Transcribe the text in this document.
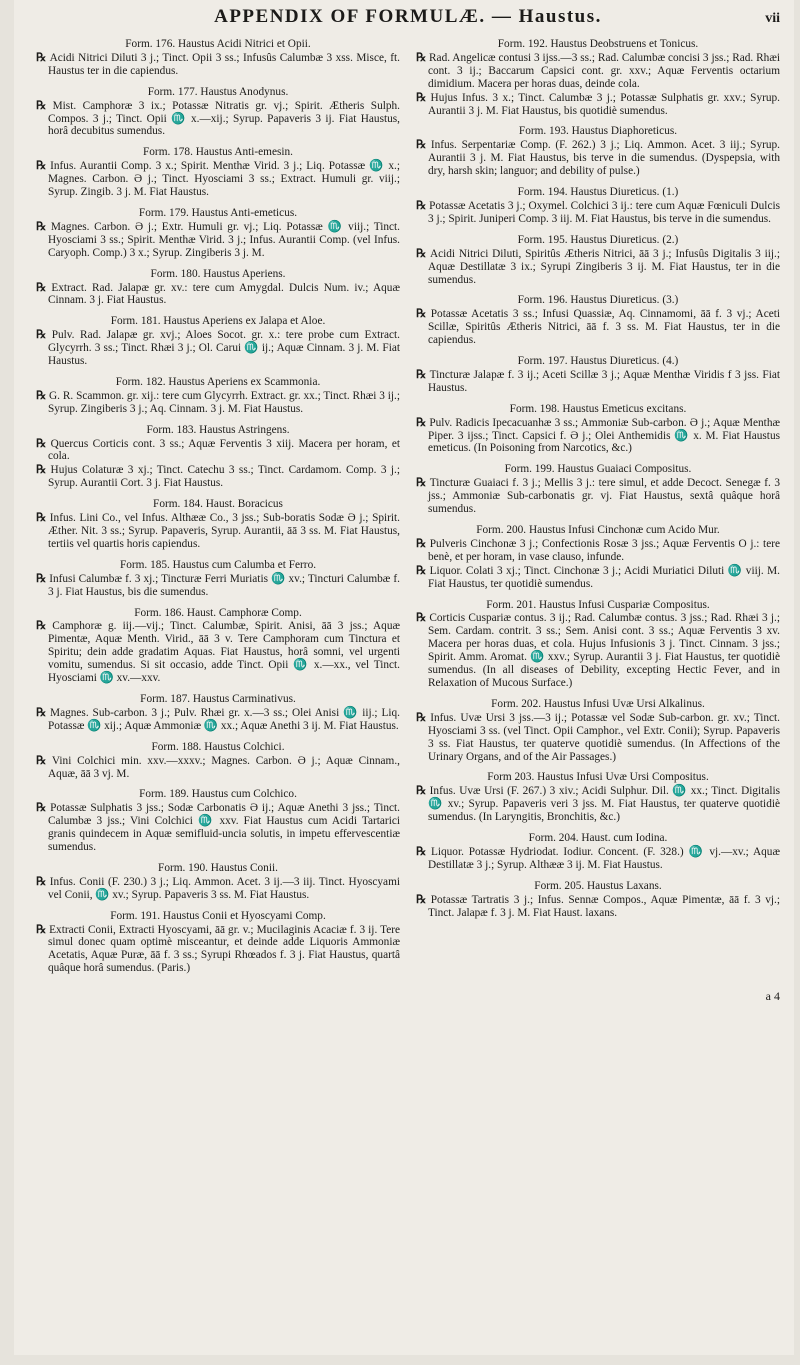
APPENDIX OF FORMULÆ. — Haustus.	vii
Form. 176. Haustus Acidi Nitrici et Opii.
℞ Acidi Nitrici Diluti 3 j.; Tinct. Opii 3 ss.; Infusûs Calumbæ 3 xss. Misce, ft. Haustus ter in die capiendus.
Form. 177. Haustus Anodynus.
℞ Mist. Camphoræ 3 ix.; Potassæ Nitratis gr. vj.; Spirit. Ætheris Sulph. Compos. 3 j.; Tinct. Opii ♏ x.—xij.; Syrup. Papaveris 3 ij. Fiat Haustus, horâ decubitus sumendus.
Form. 178. Haustus Anti-emesin.
℞ Infus. Aurantii Comp. 3 x.; Spirit. Menthæ Virid. 3 j.; Liq. Potassæ ♏ x.; Magnes. Carbon. Ə j.; Tinct. Hyosciami 3 ss.; Extract. Humuli gr. viij.; Syrup. Zingib. 3 j. M. Fiat Haustus.
Form. 179. Haustus Anti-emeticus.
℞ Magnes. Carbon. Ə j.; Extr. Humuli gr. vj.; Liq. Potassæ ♏ viij.; Tinct. Hyosciami 3 ss.; Spirit. Menthæ Virid. 3 j.; Infus. Aurantii Comp. (vel Infus. Caryoph. Comp.) 3 x.; Syrup. Zingiberis 3 j. M.
Form. 180. Haustus Aperiens.
℞ Extract. Rad. Jalapæ gr. xv.: tere cum Amygdal. Dulcis Num. iv.; Aquæ Cinnam. 3 j. Fiat Haustus.
Form. 181. Haustus Aperiens ex Jalapa et Aloe.
℞ Pulv. Rad. Jalapæ gr. xvj.; Aloes Socot. gr. x.: tere probe cum Extract. Glycyrrh. 3 ss.; Tinct. Rhæi 3 j.; Ol. Carui ♏ ij.; Aquæ Cinnam. 3 j. M. Fiat Haustus.
Form. 182. Haustus Aperiens ex Scammonia.
℞ G. R. Scammon. gr. xij.: tere cum Glycyrrh. Extract. gr. xx.; Tinct. Rhæi 3 ij.; Syrup. Zingiberis 3 j.; Aq. Cinnam. 3 j. M. Fiat Haustus.
Form. 183. Haustus Astringens.
℞ Quercus Corticis cont. 3 ss.; Aquæ Ferventis 3 xiij. Macera per horam, et cola.
℞ Hujus Colaturæ 3 xj.; Tinct. Catechu 3 ss.; Tinct. Cardamom. Comp. 3 j.; Syrup. Aurantii Cort. 3 j. Fiat Haustus.
Form. 184. Haust. Boracicus
℞ Infus. Lini Co., vel Infus. Althææ Co., 3 jss.; Sub-boratis Sodæ Ə j.; Spirit. Æther. Nit. 3 ss.; Syrup. Papaveris, Syrup. Aurantii, āā 3 ss. M. Fiat Haustus, tertiis vel quartis horis capiendus.
Form. 185. Haustus cum Calumba et Ferro.
℞ Infusi Calumbæ f. 3 xj.; Tincturæ Ferri Muriatis ♏ xv.; Tincturi Calumbæ f. 3 j. Fiat Haustus, bis die sumendus.
Form. 186. Haust. Camphoræ Comp.
℞ Camphoræ g. iij.—vij.; Tinct. Calumbæ, Spirit. Anisi, āā 3 jss.; Aquæ Pimentæ, Aquæ Menth. Virid., āā 3 v. Tere Camphoram cum Tinctura et Spiritu; dein adde gradatim Aquas. Fiat Haustus, horâ somni, vel urgenti vomitu, sumendus. Si sit occasio, adde Tinct. Opii ♏ x.—xx., vel Tinct. Hyosciami ♏ xv.—xxv.
Form. 187. Haustus Carminativus.
℞ Magnes. Sub-carbon. 3 j.; Pulv. Rhæi gr. x.—3 ss.; Olei Anisi ♏ iij.; Liq. Potassæ ♏ xij.; Aquæ Ammoniæ ♏ xx.; Aquæ Anethi 3 ij. M. Fiat Haustus.
Form. 188. Haustus Colchici.
℞ Vini Colchici min. xxv.—xxxv.; Magnes. Carbon. Ə j.; Aquæ Cinnam., Aquæ, āā 3 vj. M.
Form. 189. Haustus cum Colchico.
℞ Potassæ Sulphatis 3 jss.; Sodæ Carbonatis Ə ij.; Aquæ Anethi 3 jss.; Tinct. Calumbæ 3 jss.; Vini Colchici ♏ xxv. Fiat Haustus cum Acidi Tartarici granis quindecem in Aquæ semifluid-uncia solutis, in impetu effervescentiæ sumendus.
Form. 190. Haustus Conii.
℞ Infus. Conii (F. 230.) 3 j.; Liq. Ammon. Acet. 3 ij.—3 iij. Tinct. Hyoscyami vel Conii, ♏ xv.; Syrup. Papaveris 3 ss. M. Fiat Haustus.
Form. 191. Haustus Conii et Hyoscyami Comp.
℞ Extracti Conii, Extracti Hyoscyami, āā gr. v.; Mucilaginis Acaciæ f. 3 ij. Tere simul donec quam optimè misceantur, et deinde adde Liquoris Ammoniæ Acetatis, Aquæ Puræ, āā f. 3 ss.; Syrupi Rhœados f. 3 j. Fiat Haustus, quartâ quâque horâ sumendus. (Paris.)
Form. 192. Haustus Deobstruens et Tonicus.
℞ Rad. Angelicæ contusi 3 ijss.—3 ss.; Rad. Calumbæ concisi 3 jss.; Rad. Rhæi cont. 3 ij.; Baccarum Capsici cont. gr. xxv.; Aquæ Ferventis octarium dimidium. Macera per horas duas, deinde cola.
℞ Hujus Infus. 3 x.; Tinct. Calumbæ 3 j.; Potassæ Sulphatis gr. xxv.; Syrup. Aurantii 3 j. M. Fiat Haustus, bis quotidiè sumendus.
Form. 193. Haustus Diaphoreticus.
℞ Infus. Serpentariæ Comp. (F. 262.) 3 j.; Liq. Ammon. Acet. 3 iij.; Syrup. Aurantii 3 j. M. Fiat Haustus, bis terve in die sumendus. (Dyspepsia, with dry, harsh skin; languor; and debility of pulse.)
Form. 194. Haustus Diureticus. (1.)
℞ Potassæ Acetatis 3 j.; Oxymel. Colchici 3 ij.: tere cum Aquæ Fœniculi Dulcis 3 j.; Spirit. Juniperi Comp. 3 iij. M. Fiat Haustus, bis terve in die sumendus.
Form. 195. Haustus Diureticus. (2.)
℞ Acidi Nitrici Diluti, Spiritûs Ætheris Nitrici, āā 3 j.; Infusûs Digitalis 3 iij.; Aquæ Destillatæ 3 ix.; Syrupi Zingiberis 3 ij. M. Fiat Haustus, ter in die sumendus.
Form. 196. Haustus Diureticus. (3.)
℞ Potassæ Acetatis 3 ss.; Infusi Quassiæ, Aq. Cinnamomi, āā f. 3 vj.; Aceti Scillæ, Spiritûs Ætheris Nitrici, āā f. 3 ss. M. Fiat Haustus, ter in die capiendus.
Form. 197. Haustus Diureticus. (4.)
℞ Tincturæ Jalapæ f. 3 ij.; Aceti Scillæ 3 j.; Aquæ Menthæ Viridis f 3 jss. Fiat Haustus.
Form. 198. Haustus Emeticus excitans.
℞ Pulv. Radicis Ipecacuanhæ 3 ss.; Ammoniæ Sub-carbon. Ə j.; Aquæ Menthæ Piper. 3 ijss.; Tinct. Capsici f. Ə j.; Olei Anthemidis ♏ x. M. Fiat Haustus emeticus. (In Poisoning from Narcotics, &c.)
Form. 199. Haustus Guaiaci Compositus.
℞ Tincturæ Guaiaci f. 3 j.; Mellis 3 j.: tere simul, et adde Decoct. Senegæ f. 3 jss.; Ammoniæ Sub-carbonatis gr. vj. Fiat Haustus, sextâ quâque horâ sumendus.
Form. 200. Haustus Infusi Cinchonæ cum Acido Mur.
℞ Pulveris Cinchonæ 3 j.; Confectionis Rosæ 3 jss.; Aquæ Ferventis O j.: tere benè, et per horam, in vase clauso, infunde.
℞ Liquor. Colati 3 xj.; Tinct. Cinchonæ 3 j.; Acidi Muriatici Diluti ♏ viij. M. Fiat Haustus, ter quotidiè sumendus.
Form. 201. Haustus Infusi Cuspariæ Compositus.
℞ Corticis Cuspariæ contus. 3 ij.; Rad. Calumbæ contus. 3 jss.; Rad. Rhæi 3 j.; Sem. Cardam. contrit. 3 ss.; Sem. Anisi cont. 3 ss.; Aquæ Ferventis 3 xv. Macera per horas duas, et cola. Hujus Infusionis 3 j. Tinct. Cinnam. 3 jss.; Spirit. Amm. Aromat. ♏ xxv.; Syrup. Aurantii 3 j. Fiat Haustus, ter quotidiè sumendus. (In all diseases of Debility, excepting Hectic Fever, and in Relaxation of Mucous Surface.)
Form. 202. Haustus Infusi Uvæ Ursi Alkalinus.
℞ Infus. Uvæ Ursi 3 jss.—3 ij.; Potassæ vel Sodæ Sub-carbon. gr. xv.; Tinct. Hyosciami 3 ss. (vel Tinct. Opii Camphor., vel Extr. Conii); Syrup. Papaveris 3 ss. Fiat Haustus, ter quaterve quotidiè sumendus. (In Affections of the Urinary Organs, and of the Air Passages.)
Form 203. Haustus Infusi Uvæ Ursi Compositus.
℞ Infus. Uvæ Ursi (F. 267.) 3 xiv.; Acidi Sulphur. Dil. ♏ xx.; Tinct. Digitalis ♏ xv.; Syrup. Papaveris veri 3 jss. M. Fiat Haustus, ter quaterve quotidiè sumendus. (In Laryngitis, Bronchitis, &c.)
Form. 204. Haust. cum Iodina.
℞ Liquor. Potassæ Hydriodat. Iodiur. Concent. (F. 328.) ♏ vj.—xv.; Aquæ Destillatæ 3 j.; Syrup. Althææ 3 ij. M. Fiat Haustus.
Form. 205. Haustus Laxans.
℞ Potassæ Tartratis 3 j.; Infus. Sennæ Compos., Aquæ Pimentæ, āā f. 3 vj.; Tinct. Jalapæ f. 3 j. M. Fiat Haust. laxans.
a 4
